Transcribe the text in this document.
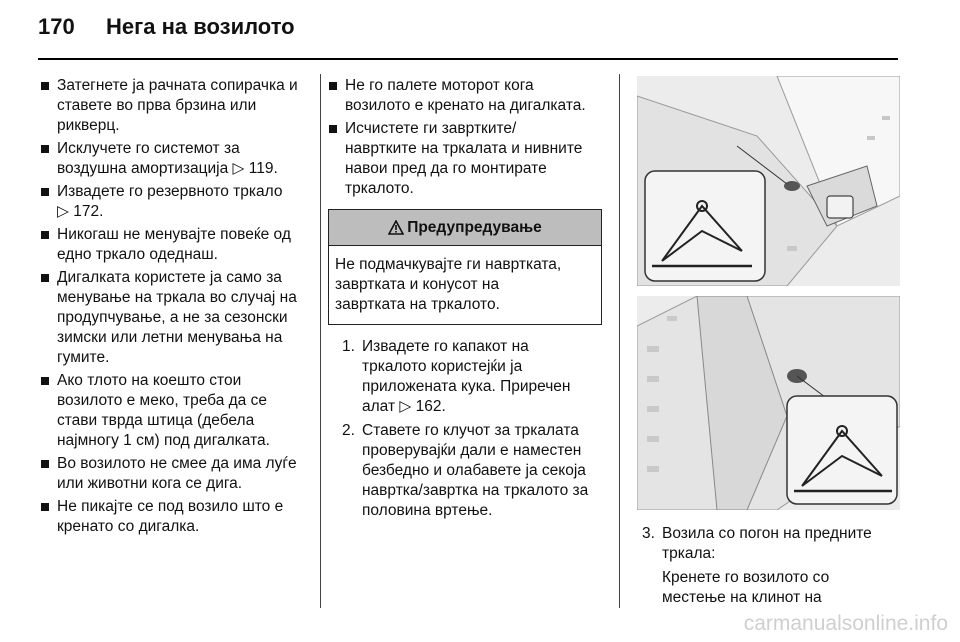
170	Нега на возилото
Затегнете ја рачната сопирачка и
ставете во прва брзина или
рикверц.
Исклучете го системот за
воздушна амортизација ▷ 119.
Извадете го резервното тркало
▷ 172.
Никогаш не менувајте повеќе од
едно тркало одеднаш.
Дигалката користете ја само за
менување на тркала во случај на
продупчување, а не за сезонски
зимски или летни менувања на
гумите.
Ако тлото на коешто стои
возилото е меко, треба да се
стави тврда штица (дебела
најмногу 1 см) под дигалката.
Во возилото не смее да има луѓе
или животни кога се дига.
Не пикајте се под возило што е
кренато со дигалка.
Не го палете моторот кога
возилото е кренато на дигалката.
Исчистете ги завртките/
навртките на тркалата и нивните
навои пред да го монтирате
тркалото.
Предупредување
Не подмачкувајте ги навртката,
завртката и конусот на
завртката на тркалото.
1. Извадете го капакот на
тркалото користејќи ја
приложената кука. Приречен
алат ▷ 162.
2. Ставете го клучот за тркалата
проверувајќи дали е наместен
безбедно и олабавете ја секоја
навртка/завртка на тркалото за
половина вртење.
3. Возила со погон на предните
тркала:
Кренете го возилото со
местење на клинот на
carmanualsonline.info
